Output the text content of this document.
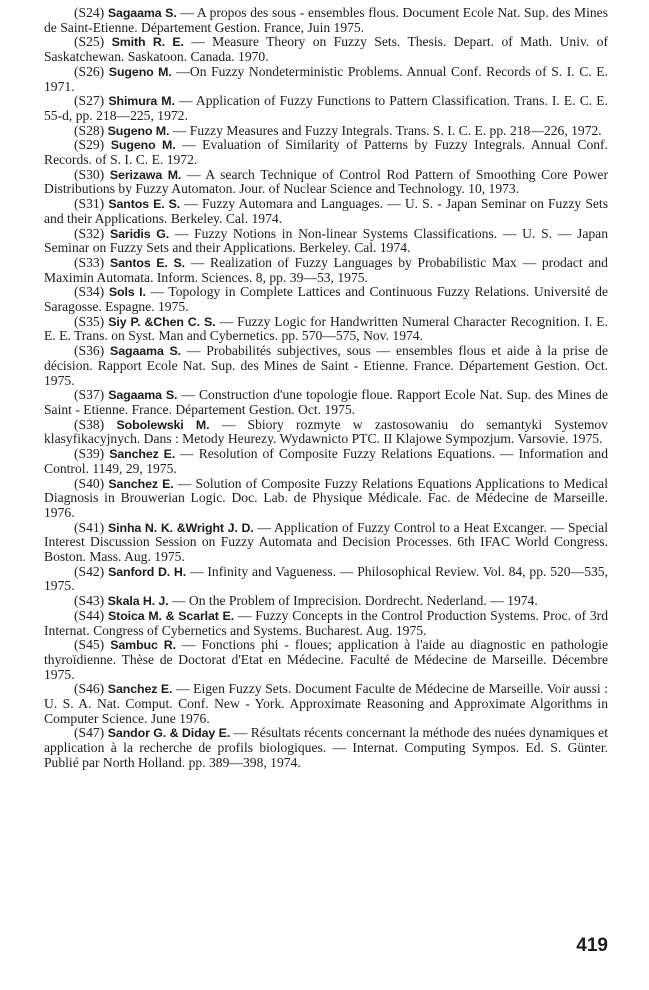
(S24) Sagaama S. — A propos des sous - ensembles flous. Document Ecole Nat. Sup. des Mines de Saint-Etienne. Département Gestion. France, Juin 1975.

(S25) Smith R. E. — Measure Theory on Fuzzy Sets. Thesis. Depart. of Math. Univ. of Saskatchewan. Saskatoon. Canada. 1970.

(S26) Sugeno M. —On Fuzzy Nondeterministic Problems. Annual Conf. Records of S. I. C. E. 1971.

(S27) Shimura M. — Application of Fuzzy Functions to Pattern Classification. Trans. I. E. C. E. 55-d, pp. 218—225, 1972.

(S28) Sugeno M. — Fuzzy Measures and Fuzzy Integrals. Trans. S. I. C. E. pp. 218—226, 1972.

(S29) Sugeno M. — Evaluation of Similarity of Patterns by Fuzzy Integrals. Annual Conf. Records. of S. I. C. E. 1972.

(S30) Serizawa M. — A search Technique of Control Rod Pattern of Smoothing Core Power Distributions by Fuzzy Automaton. Jour. of Nuclear Science and Technology. 10, 1973.

(S31) Santos E. S. — Fuzzy Automara and Languages. — U. S. - Japan Seminar on Fuzzy Sets and their Applications. Berkeley. Cal. 1974.

(S32) Saridis G. — Fuzzy Notions in Non-linear Systems Classifications. — U. S. — Japan Seminar on Fuzzy Sets and their Applications. Berkeley. Cal. 1974.

(S33) Santos E. S. — Realization of Fuzzy Languages by Probabilistic Max — prodact and Maximin Automata. Inform. Sciences. 8, pp. 39—53, 1975.

(S34) Sols I. — Topology in Complete Lattices and Continuous Fuzzy Relations. Université de Saragosse. Espagne. 1975.

(S35) Siy P. &Chen C. S. — Fuzzy Logic for Handwritten Numeral Character Recognition. I. E. E. E. Trans. on Syst. Man and Cybernetics. pp. 570—575, Nov. 1974.

(S36) Sagaama S. — Probabilités subjectives, sous — ensembles flous et aide à la prise de décision. Rapport Ecole Nat. Sup. des Mines de Saint - Etienne. France. Département Gestion. Oct. 1975.

(S37) Sagaama S. — Construction d'une topologie floue. Rapport Ecole Nat. Sup. des Mines de Saint - Etienne. France. Département Gestion. Oct. 1975.

(S38) Sobolewski M. — Sbiory rozmyte w zastosowaniu do semantyki Systemov klasyfikacyjnych. Dans : Metody Heurezy. Wydawnicto PTC. II Klajowe Sympozjum. Varsovie. 1975.

(S39) Sanchez E. — Resolution of Composite Fuzzy Relations Equations. — Information and Control. 1149, 29, 1975.

(S40) Sanchez E. — Solution of Composite Fuzzy Relations Equations Applications to Medical Diagnosis in Brouwerian Logic. Doc. Lab. de Physique Médicale. Fac. de Médecine de Marseille. 1976.

(S41) Sinha N. K. &Wright J. D. — Application of Fuzzy Control to a Heat Excanger. — Special Interest Discussion Session on Fuzzy Automata and Decision Processes. 6th IFAC World Congress. Boston. Mass. Aug. 1975.

(S42) Sanford D. H. — Infinity and Vagueness. — Philosophical Review. Vol. 84, pp. 520—535, 1975.

(S43) Skala H. J. — On the Problem of Imprecision. Dordrecht. Nederland. — 1974.

(S44) Stoica M. & Scarlat E. — Fuzzy Concepts in the Control Production Systems. Proc. of 3rd Internat. Congress of Cybernetics and Systems. Bucharest. Aug. 1975.

(S45) Sambuc R. — Fonctions phi - floues; application à l'aide au diagnostic en pathologie thyroïdienne. Thèse de Doctorat d'Etat en Médecine. Faculté de Médecine de Marseille. Décembre 1975.

(S46) Sanchez E. — Eigen Fuzzy Sets. Document Faculte de Médecine de Marseille. Voir aussi : U. S. A. Nat. Comput. Conf. New - York. Approximate Reasoning and Approximate Algorithms in Computer Science. June 1976.

(S47) Sandor G. & Diday E. — Résultats récents concernant la méthode des nuées dynamiques et application à la recherche de profils biologiques. — Internat. Computing Sympos. Ed. S. Günter. Publié par North Holland. pp. 389—398, 1974.

419
